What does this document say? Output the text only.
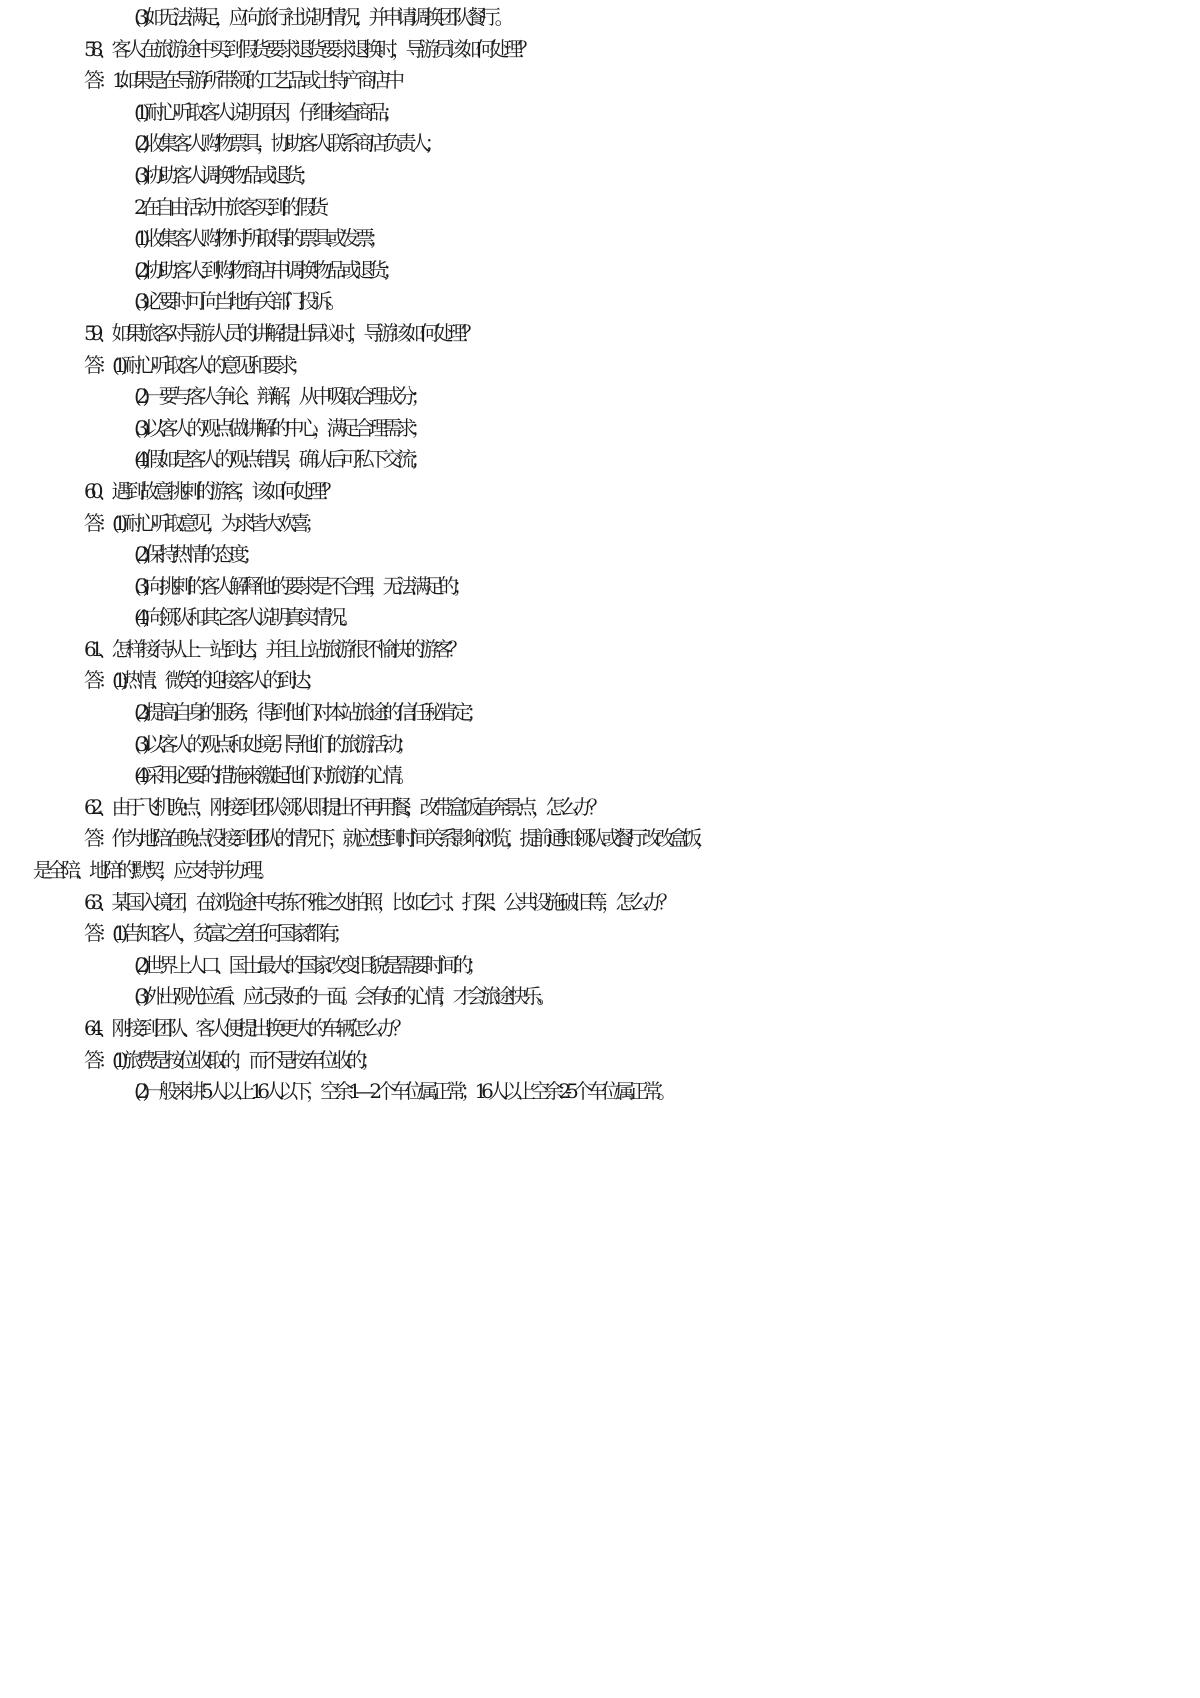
(3) 如无法满足，应向旅行社说明情况，并申请调换团队餐厅。
58、客人在旅游途中买到假货要求退货要求退换时，导游员该如何处理？
答：1.如果是在导游所带领的工艺品或土特产商店中
(1) 耐心听取客人说明原因，仔细核查商品；
(2) 收集客人购物票具，协助客人联系商店负责人；
(3) 协助客人调换物品或退货；
2.在自由活动中旅客买到的假货
(1) 收集客人购物时所取得的票具或发票；
(2) 协助客人到购物商店中调换物品或退货；
(3) 必要时可向当地有关部门投诉。
59、如果旅客对导游人员的讲解提出异议时，导游该如何处理？
答：(1) 耐心听取客人的意见和要求；
(2) 一要与客人争论、辩解，从中吸取合理成分；
(3) 以客人的观点做讲解的中心，满足合理需求；
(4) 假如是客人的观点错误，确认后可私下交流；
60、遇到故意挑剌的游客，该如何处理？
答：(1) 耐心听取意见，为求皆大欢喜；
(2) 保持热情的态度；
(3) 向挑剌的客人解释他的要求是不合理，无法满足的；
(4) 向领队和其它客人说明真实情况。
61、怎样接待从上一站到达，并且上站旅游很不愉快的游客？
答：(1) 热情、微笑的迎接客人的到达；
(2) 提高自身的服务，得到他们对本站旅途的信任秘肯定；
(3) 以客人的观点和处境引导他们的旅游活动；
(4) 采用必要的措施来激起他们对旅游的心情。
62、由于飞机晚点，刚接到团队领队即提出不再用餐，改带盒饭直奔景点，怎么办？
答：作为地陪在晚点没接到团队的情况下，就应想到时间关系影响浏览，提前通知领队或餐厅改改盒饭，
是全陪、地陪的默契，应支持并办理。
63、某国入境团，在浏览途中专拣不雅之处拍照，比如乞讨、打架、公共设施破旧等，怎么办？
答：(1) 告知客人，贫富之差任何国家都有；
(2) 世界上人口、国士最大的国家改变旧貌是需要时间的；
(3) 外出观光应看、应记录好的一面。会有好的心情，才会旅途快乐。
64、刚接到团队、客人便提出换更大的车辆怎么办？
答：(1) 旅费是按位收取的，而不是按车位收的；
(2) 一般来讲 5 人以上 16 人以下，空余 1—2 个车位属正常；16 人以上空余 2-5 个车位属正常。
